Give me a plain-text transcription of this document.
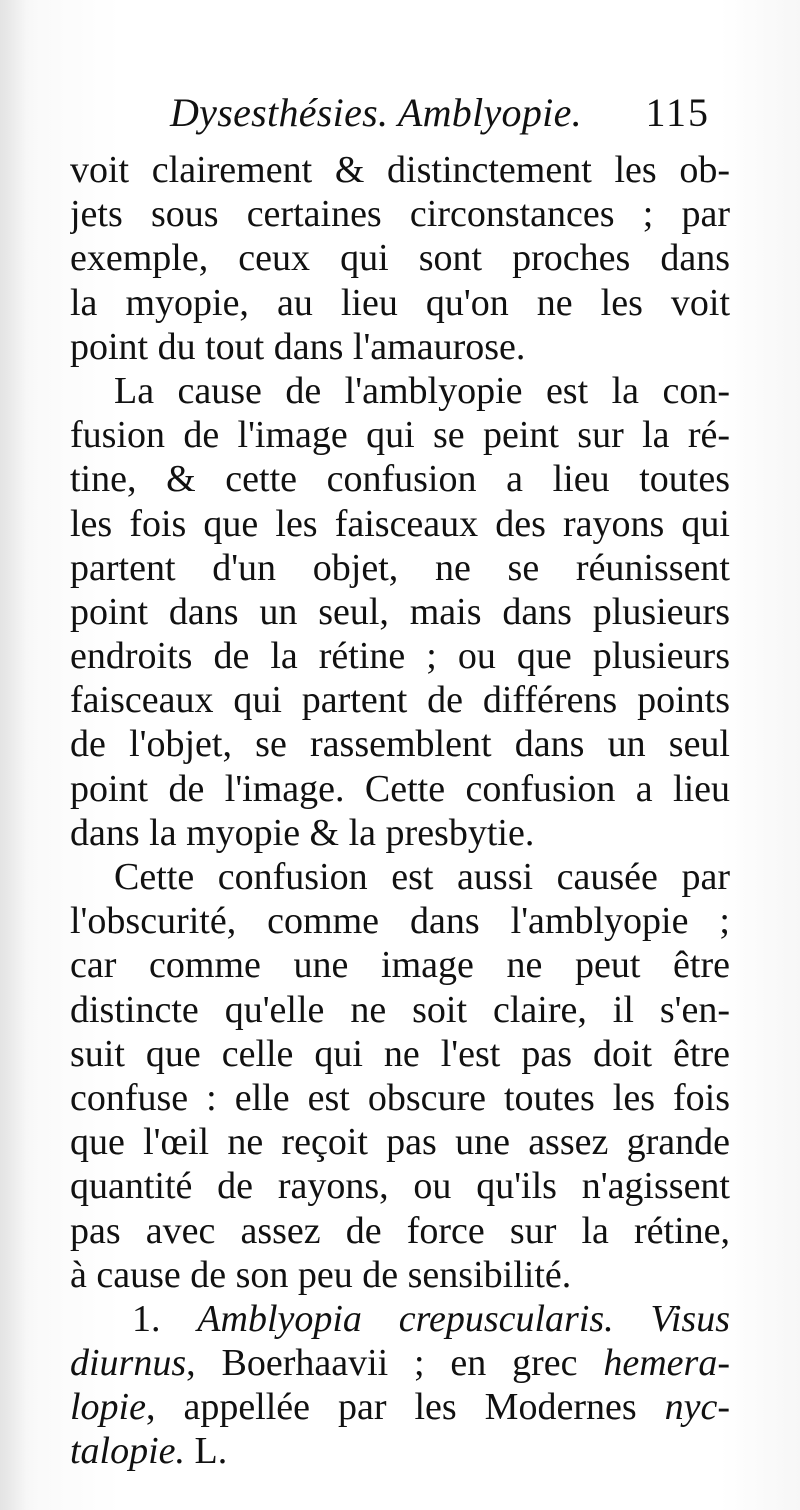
Dysesthésies. Amblyopie. 115
voit clairement & distinctement les ob-
jets sous certaines circonstances ; par
exemple, ceux qui sont proches dans
la myopie, au lieu qu'on ne les voit
point du tout dans l'amaurose.
La cause de l'amblyopie est la con-
fusion de l'image qui se peint sur la ré-
tine, & cette confusion a lieu toutes
les fois que les faisceaux des rayons qui
partent d'un objet, ne se réunissent
point dans un seul, mais dans plusieurs
endroits de la rétine ; ou que plusieurs
faisceaux qui partent de différens points
de l'objet, se rassemblent dans un seul
point de l'image. Cette confusion a lieu
dans la myopie & la presbytie.
Cette confusion est aussi causée par
l'obscurité, comme dans l'amblyopie ;
car comme une image ne peut être
distincte qu'elle ne soit claire, il s'en-
suit que celle qui ne l'est pas doit être
confuse : elle est obscure toutes les fois
que l'œil ne reçoit pas une assez grande
quantité de rayons, ou qu'ils n'agissent
pas avec assez de force sur la rétine,
à cause de son peu de sensibilité.
1. Amblyopia crepuscularis. Visus
diurnus, Boerhaavii ; en grec hemera-
lopie, appellée par les Modernes nyc-
talopie. L.
